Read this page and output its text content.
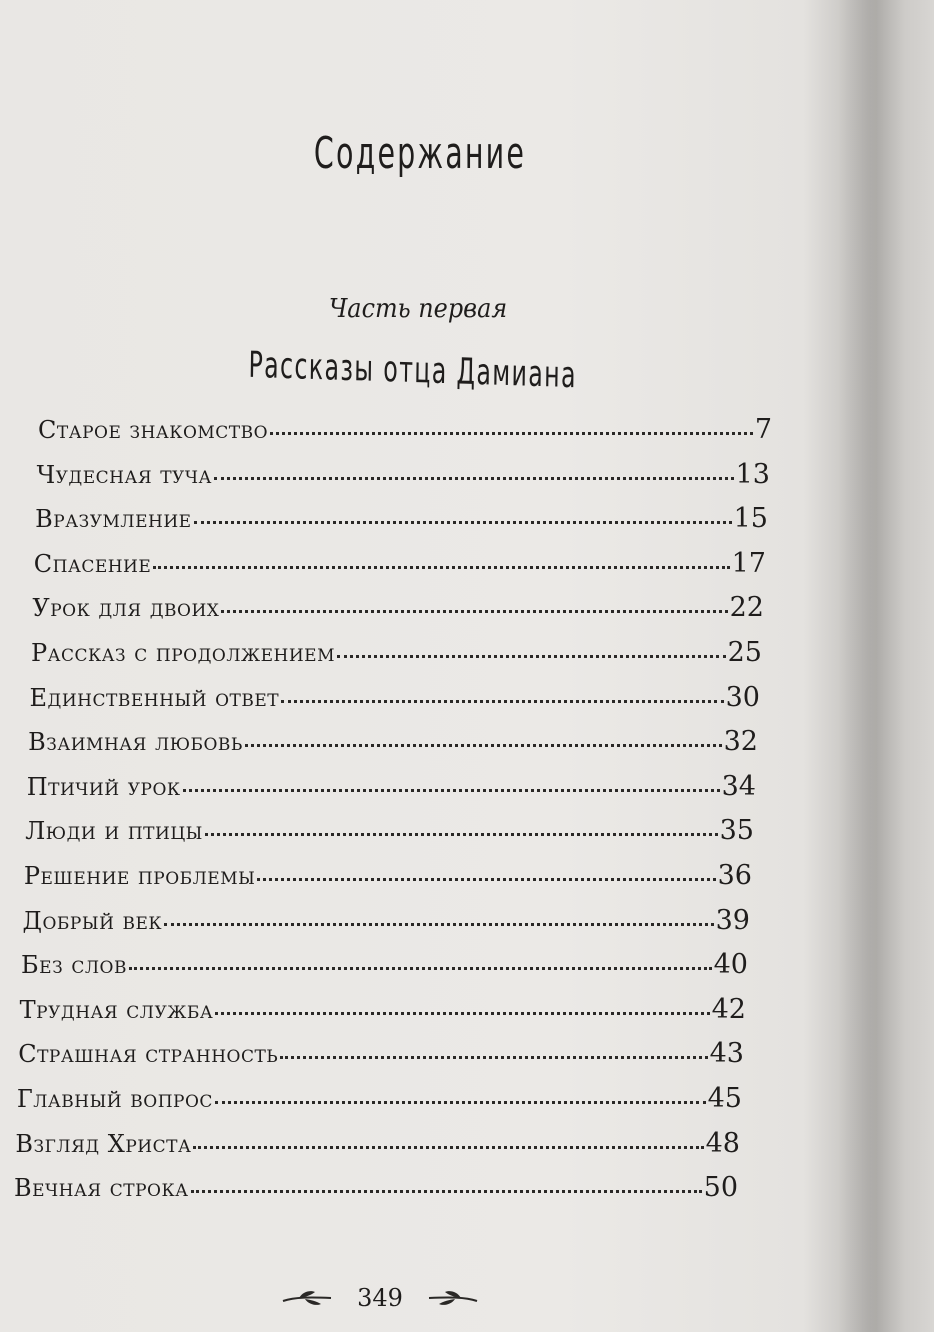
Содержание
Часть первая
Рассказы отца Дамиана
Старое знакомство	7
Чудесная туча	13
Вразумление	15
Спасение	17
Урок для двоих	22
Рассказ с продолжением	25
Единственный ответ	30
Взаимная любовь	32
Птичий урок	34
Люди и птицы	35
Решение проблемы	36
Добрый век	39
Без слов	40
Трудная служба	42
Страшная странность	43
Главный вопрос	45
Взгляд Христа	48
Вечная строка	50
349
